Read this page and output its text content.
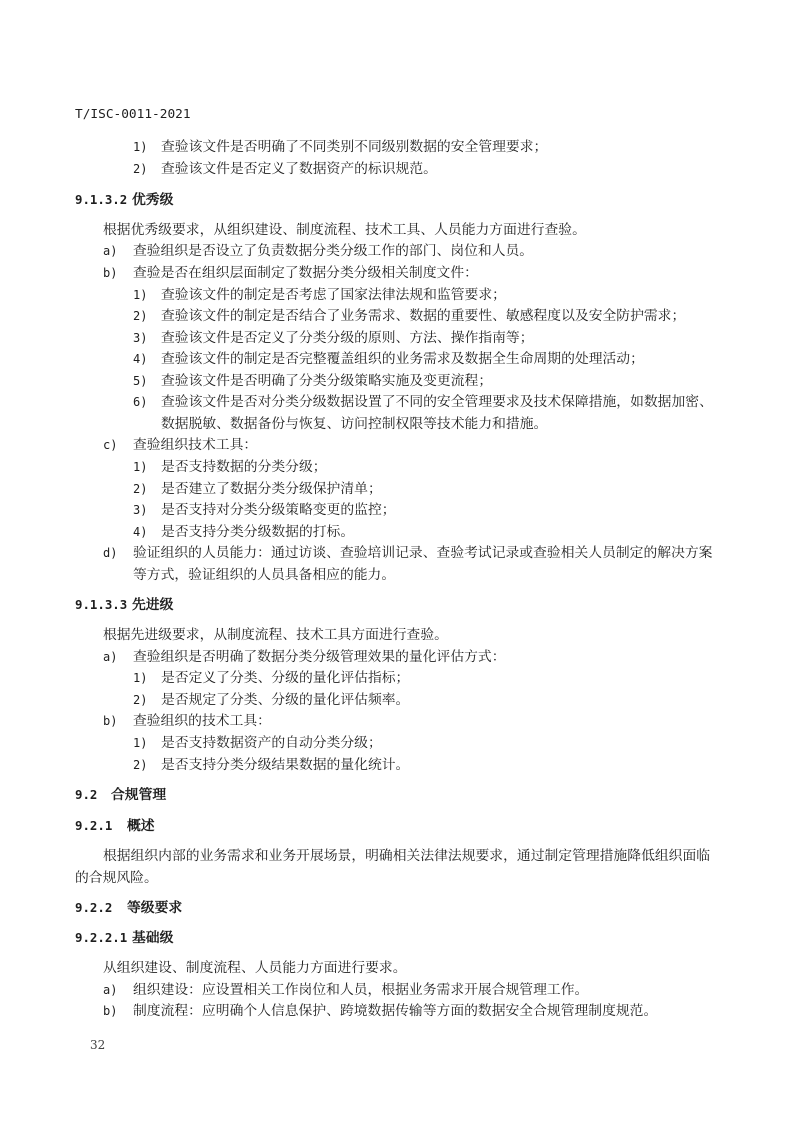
T/ISC-0011-2021
1) 查验该文件是否明确了不同类别不同级别数据的安全管理要求；
2) 查验该文件是否定义了数据资产的标识规范。
9.1.3.2 优秀级
根据优秀级要求，从组织建设、制度流程、技术工具、人员能力方面进行查验。
a) 查验组织是否设立了负责数据分类分级工作的部门、岗位和人员。
b) 查验是否在组织层面制定了数据分类分级相关制度文件：
1) 查验该文件的制定是否考虑了国家法律法规和监管要求；
2) 查验该文件的制定是否结合了业务需求、数据的重要性、敏感程度以及安全防护需求；
3) 查验该文件是否定义了分类分级的原则、方法、操作指南等；
4) 查验该文件的制定是否完整覆盖组织的业务需求及数据全生命周期的处理活动；
5) 查验该文件是否明确了分类分级策略实施及变更流程；
6) 查验该文件是否对分类分级数据设置了不同的安全管理要求及技术保障措施，如数据加密、
数据脱敏、数据备份与恢复、访问控制权限等技术能力和措施。
c) 查验组织技术工具：
1) 是否支持数据的分类分级；
2) 是否建立了数据分类分级保护清单；
3) 是否支持对分类分级策略变更的监控；
4) 是否支持分类分级数据的打标。
d) 验证组织的人员能力：通过访谈、查验培训记录、查验考试记录或查验相关人员制定的解决方案
等方式，验证组织的人员具备相应的能力。
9.1.3.3 先进级
根据先进级要求，从制度流程、技术工具方面进行查验。
a) 查验组织是否明确了数据分类分级管理效果的量化评估方式：
1) 是否定义了分类、分级的量化评估指标；
2) 是否规定了分类、分级的量化评估频率。
b) 查验组织的技术工具：
1) 是否支持数据资产的自动分类分级；
2) 是否支持分类分级结果数据的量化统计。
9.2 合规管理
9.2.1 概述
根据组织内部的业务需求和业务开展场景，明确相关法律法规要求，通过制定管理措施降低组织面临
的合规风险。
9.2.2 等级要求
9.2.2.1 基础级
从组织建设、制度流程、人员能力方面进行要求。
a) 组织建设：应设置相关工作岗位和人员，根据业务需求开展合规管理工作。
b) 制度流程：应明确个人信息保护、跨境数据传输等方面的数据安全合规管理制度规范。
32
